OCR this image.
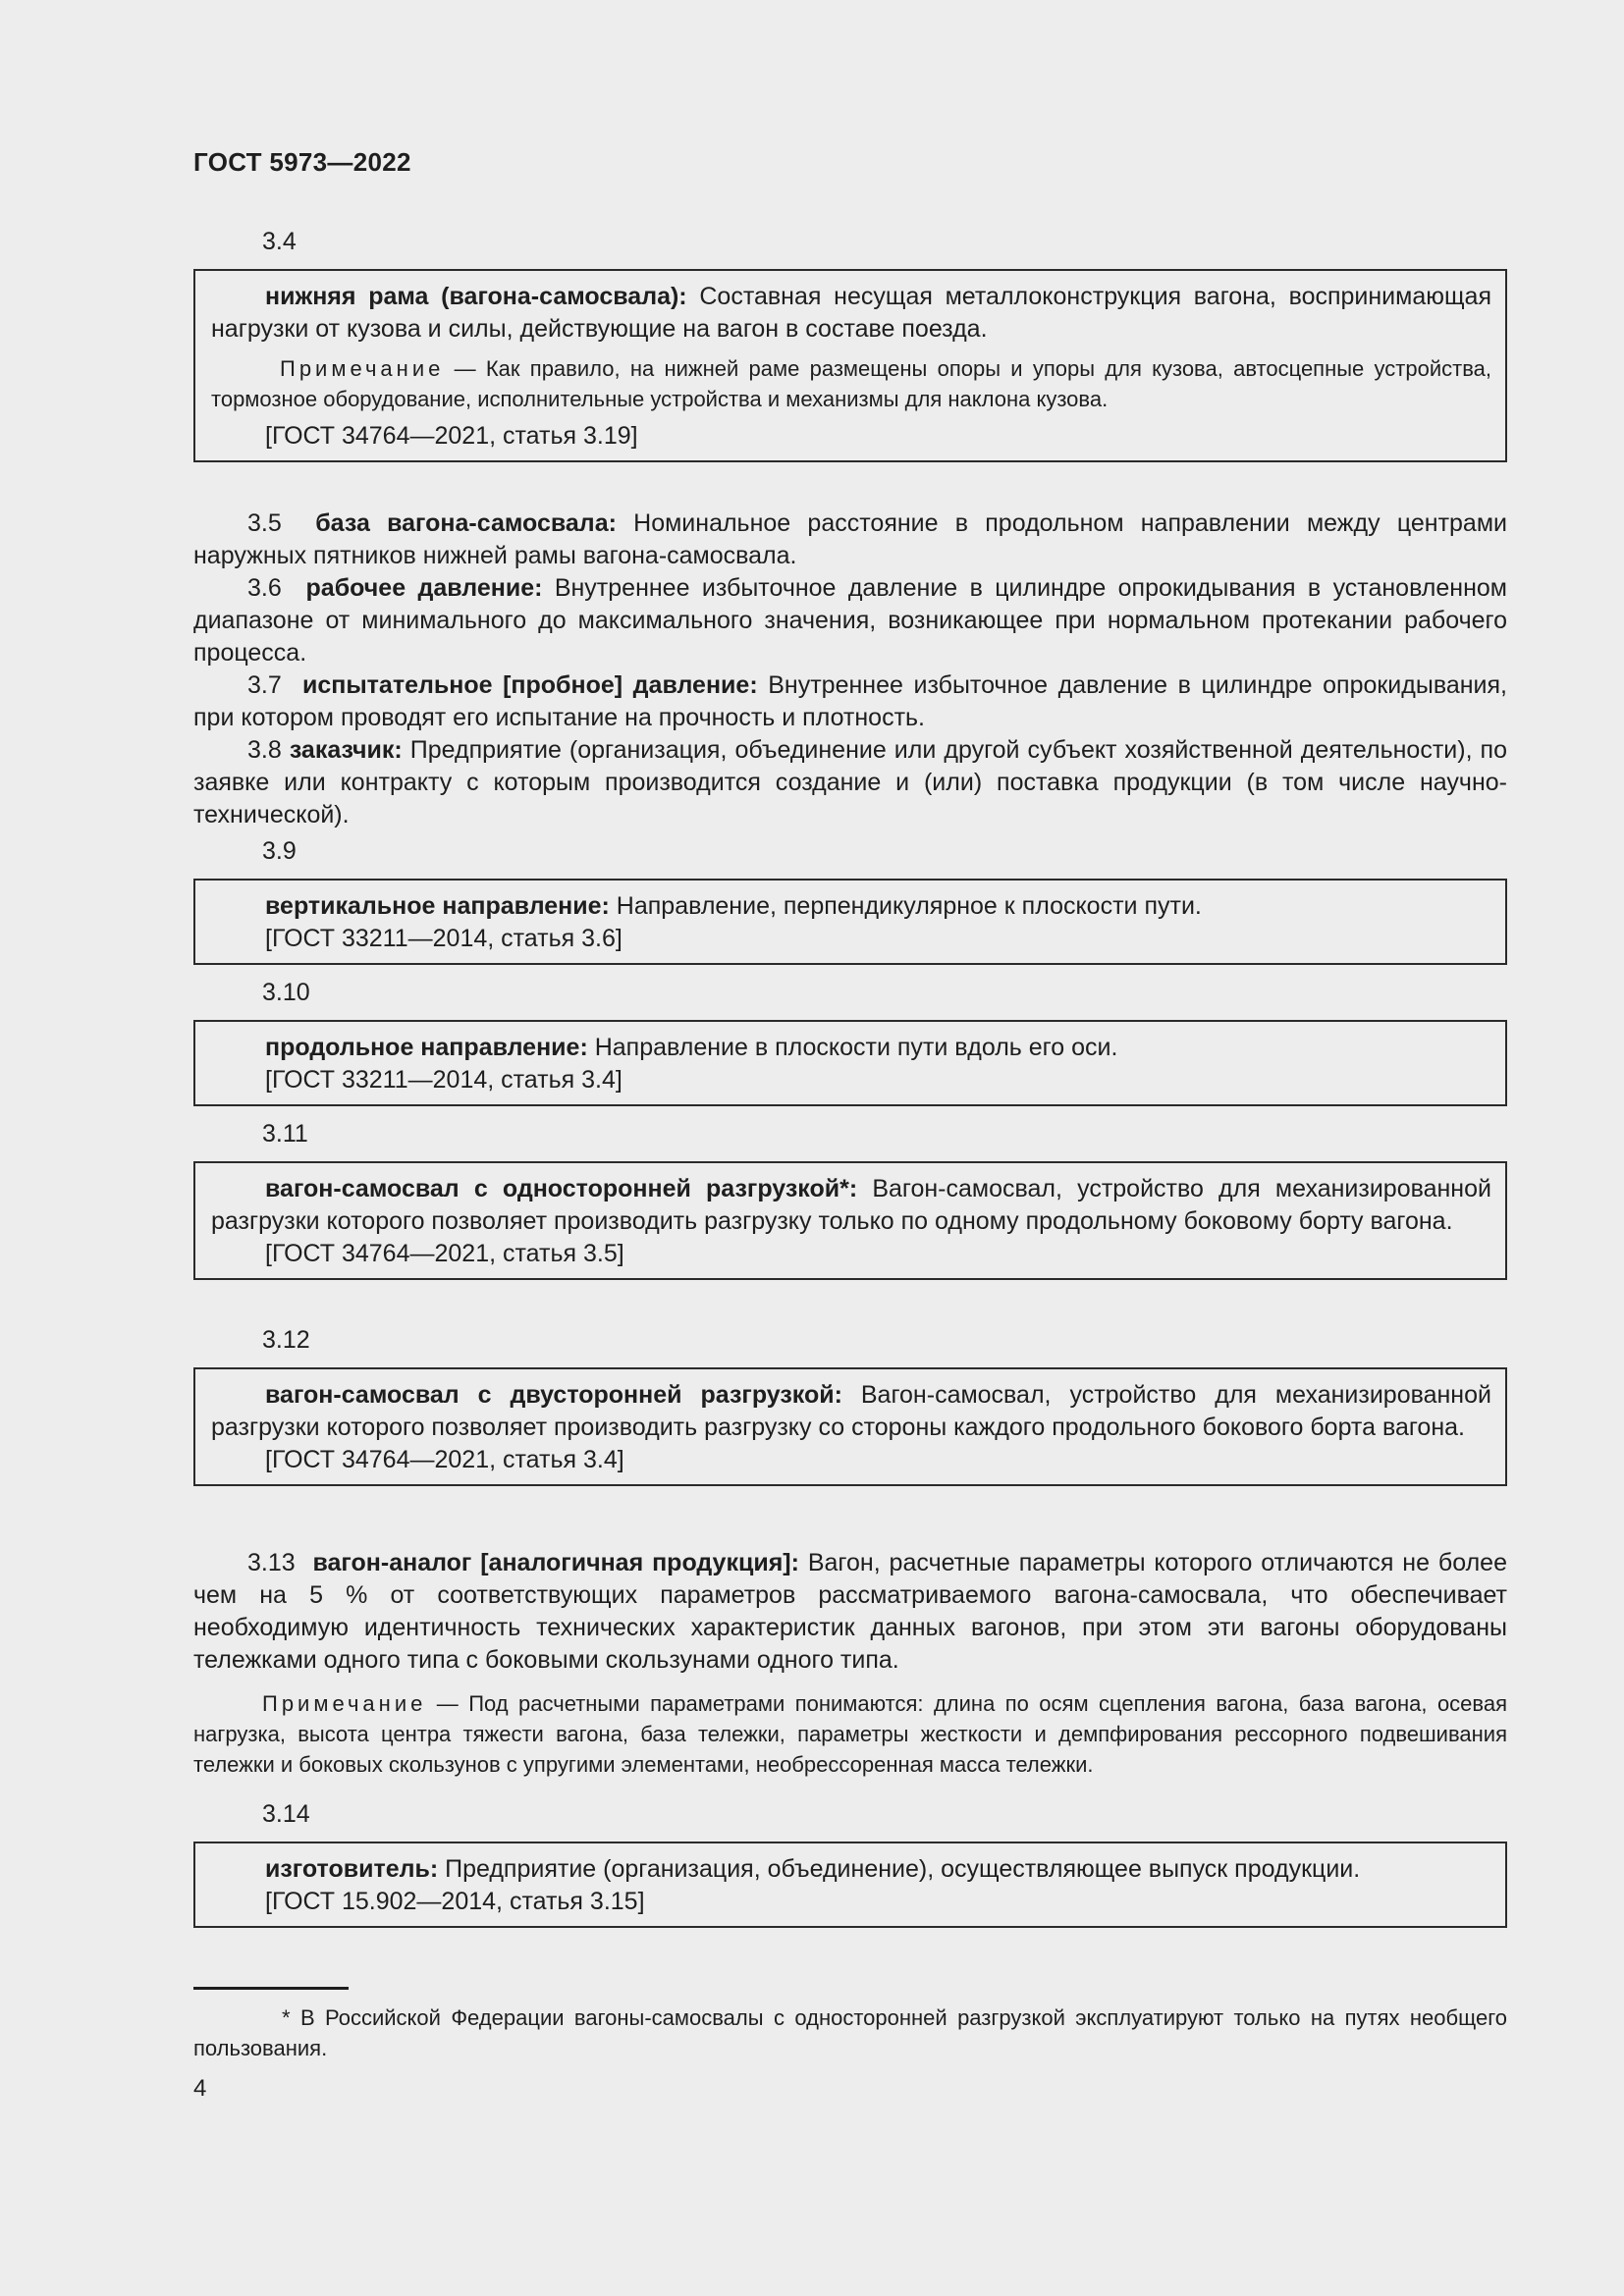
ГОСТ 5973—2022
3.4

нижняя рама (вагона-самосвала): Составная несущая металлоконструкция вагона, воспринимающая нагрузки от кузова и силы, действующие на вагон в составе поезда.

Примечание — Как правило, на нижней раме размещены опоры и упоры для кузова, автосцепные устройства, тормозное оборудование, исполнительные устройства и механизмы для наклона кузова.

[ГОСТ 34764—2021, статья 3.19]

3.5 база вагона-самосвала: Номинальное расстояние в продольном направлении между центрами наружных пятников нижней рамы вагона-самосвала.

3.6 рабочее давление: Внутреннее избыточное давление в цилиндре опрокидывания в установленном диапазоне от минимального до максимального значения, возникающее при нормальном протекании рабочего процесса.

3.7 испытательное [пробное] давление: Внутреннее избыточное давление в цилиндре опрокидывания, при котором проводят его испытание на прочность и плотность.

3.8 заказчик: Предприятие (организация, объединение или другой субъект хозяйственной деятельности), по заявке или контракту с которым производится создание и (или) поставка продукции (в том числе научно-технической).

3.9

вертикальное направление: Направление, перпендикулярное к плоскости пути.

[ГОСТ 33211—2014, статья 3.6]

3.10

продольное направление: Направление в плоскости пути вдоль его оси.

[ГОСТ 33211—2014, статья 3.4]

3.11

вагон-самосвал с односторонней разгрузкой*: Вагон-самосвал, устройство для механизированной разгрузки которого позволяет производить разгрузку только по одному продольному боковому борту вагона.

[ГОСТ 34764—2021, статья 3.5]

3.12

вагон-самосвал с двусторонней разгрузкой: Вагон-самосвал, устройство для механизированной разгрузки которого позволяет производить разгрузку со стороны каждого продольного бокового борта вагона.

[ГОСТ 34764—2021, статья 3.4]

3.13 вагон-аналог [аналогичная продукция]: Вагон, расчетные параметры которого отличаются не более чем на 5 % от соответствующих параметров рассматриваемого вагона-самосвала, что обеспечивает необходимую идентичность технических характеристик данных вагонов, при этом эти вагоны оборудованы тележками одного типа с боковыми скользунами одного типа.

Примечание — Под расчетными параметрами понимаются: длина по осям сцепления вагона, база вагона, осевая нагрузка, высота центра тяжести вагона, база тележки, параметры жесткости и демпфирования рессорного подвешивания тележки и боковых скользунов с упругими элементами, необрессоренная масса тележки.

3.14

изготовитель: Предприятие (организация, объединение), осуществляющее выпуск продукции.

[ГОСТ 15.902—2014, статья 3.15]

* В Российской Федерации вагоны-самосвалы с односторонней разгрузкой эксплуатируют только на путях необщего пользования.

4
